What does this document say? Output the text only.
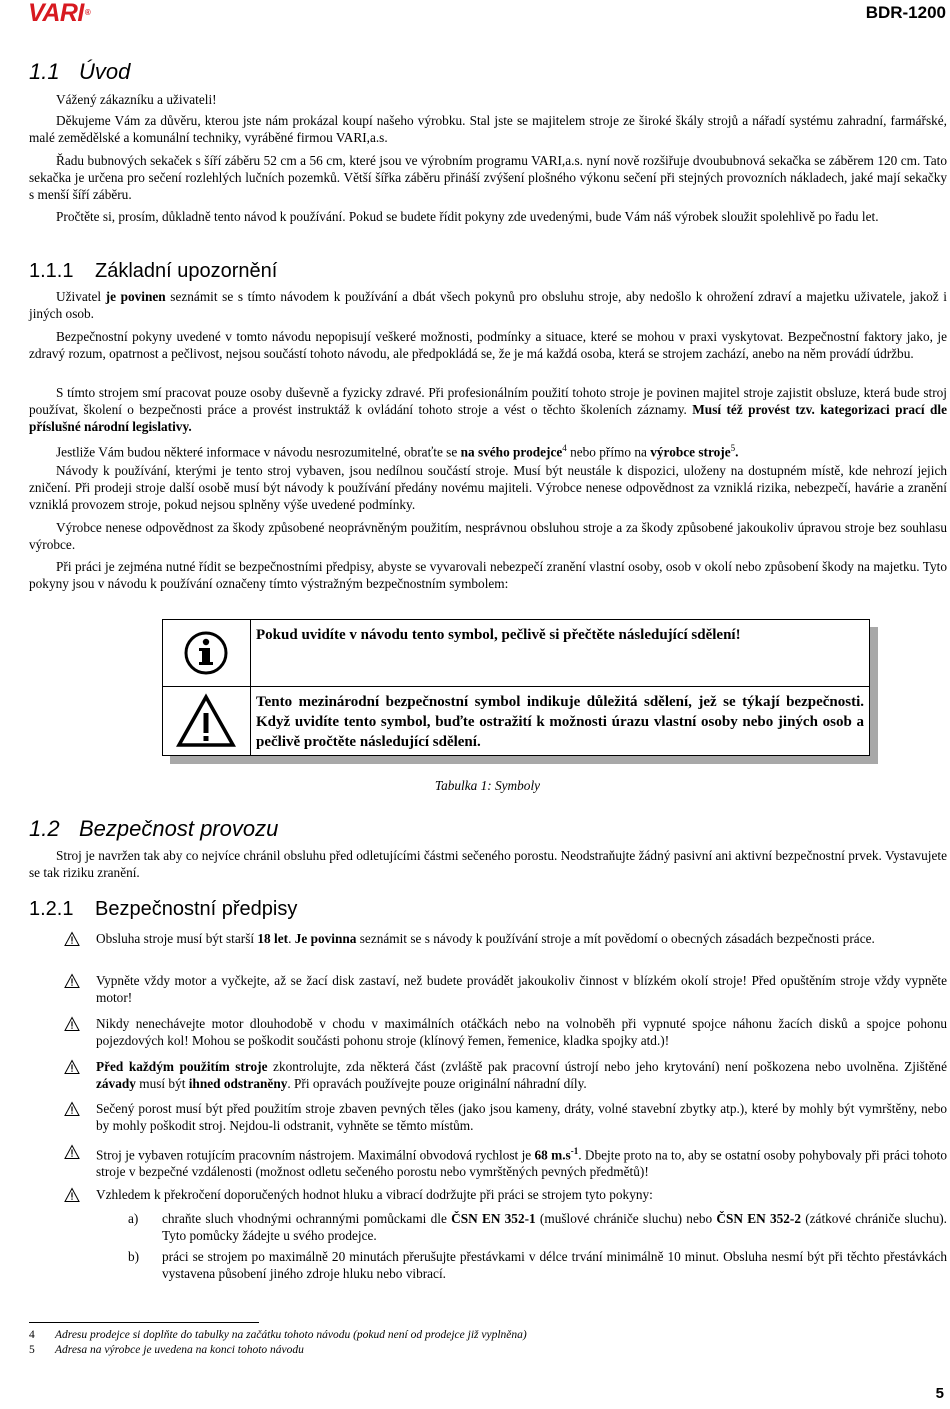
VARI®	BDR-1200
1.1 Úvod

Vážený zákazníku a uživateli!

Děkujeme Vám za důvěru, kterou jste nám prokázal koupí našeho výrobku. Stal jste se majitelem stroje ze široké škály strojů a nářadí systému zahradní, farmářské, malé zemědělské a komunální techniky, vyráběné firmou VARI,a.s.

Řadu bubnových sekaček s šíří záběru 52 cm a 56 cm, které jsou ve výrobním programu VARI,a.s. nyní nově rozšiřuje dvoububnová sekačka se záběrem 120 cm. Tato sekačka je určena pro sečení rozlehlých lučních pozemků. Větší šířka záběru přináší zvýšení plošného výkonu sečení při stejných provozních nákladech, jaké mají sekačky s menší šíří záběru.

Pročtěte si, prosím, důkladně tento návod k používání. Pokud se budete řídit pokyny zde uvedenými, bude Vám náš výrobek sloužit spolehlivě po řadu let.

1.1.1 Základní upozornění

Uživatel je povinen seznámit se s tímto návodem k používání a dbát všech pokynů pro obsluhu stroje, aby nedošlo k ohrožení zdraví a majetku uživatele, jakož i jiných osob.

Bezpečnostní pokyny uvedené v tomto návodu nepopisují veškeré možnosti, podmínky a situace, které se mohou v praxi vyskytovat. Bezpečnostní faktory jako, je zdravý rozum, opatrnost a pečlivost, nejsou součástí tohoto návodu, ale předpokládá se, že je má každá osoba, která se strojem zachází, anebo na něm provádí údržbu.

S tímto strojem smí pracovat pouze osoby duševně a fyzicky zdravé. Při profesionálním použití tohoto stroje je povinen majitel stroje zajistit obsluze, která bude stroj používat, školení o bezpečnosti práce a provést instruktáž k ovládání tohoto stroje a vést o těchto školeních záznamy. Musí též provést tzv. kategorizaci prací dle příslušné národní legislativy.

Jestliže Vám budou některé informace v návodu nesrozumitelné, obraťte se na svého prodejce$^4$ nebo přímo na výrobce stroje$^5$.

Návody k používání, kterými je tento stroj vybaven, jsou nedílnou součástí stroje. Musí být neustále k dispozici, uloženy na dostupném místě, kde nehrozí jejich zničení. Při prodeji stroje další osobě musí být návody k používání předány novému majiteli. Výrobce nenese odpovědnost za vzniklá rizika, nebezpečí, havárie a zranění vzniklá provozem stroje, pokud nejsou splněny výše uvedené podmínky.

Výrobce nenese odpovědnost za škody způsobené neoprávněným použitím, nesprávnou obsluhou stroje a za škody způsobené jakoukoliv úpravou stroje bez souhlasu výrobce.

Při práci je zejména nutné řídit se bezpečnostními předpisy, abyste se vyvarovali nebezpečí zranění vlastní osoby, osob v okolí nebo způsobení škody na majetku. Tyto pokyny jsou v návodu k používání označeny tímto výstražným bezpečnostním symbolem:

Pokud uvidíte v návodu tento symbol, pečlivě si přečtěte následující sdělení!
Tento mezinárodní bezpečnostní symbol indikuje důležitá sdělení, jež se týkají bezpečnosti. Když uvidíte tento symbol, buďte ostražití k možnosti úrazu vlastní osoby nebo jiných osob a pečlivě pročtěte následující sdělení.
Tabulka 1: Symboly
1.2 Bezpečnost provozu

Stroj je navržen tak aby co nejvíce chránil obsluhu před odletujícími částmi sečeného porostu. Neodstraňujte žádný pasivní ani aktivní bezpečnostní prvek. Vystavujete se tak riziku zranění.

1.2.1 Bezpečnostní předpisy

Obsluha stroje musí být starší 18 let. Je povinna seznámit se s návody k používání stroje a mít povědomí o obecných zásadách bezpečnosti práce.

Vypněte vždy motor a vyčkejte, až se žací disk zastaví, než budete provádět jakoukoliv činnost v blízkém okolí stroje! Před opuštěním stroje vždy vypněte motor!

Nikdy nenechávejte motor dlouhodobě v chodu v maximálních otáčkách nebo na volnoběh při vypnuté spojce náhonu žacích disků a spojce pohonu pojezdových kol! Mohou se poškodit součásti pohonu stroje (klínový řemen, řemenice, kladka spojky atd.)!

Před každým použitím stroje zkontrolujte, zda některá část (zvláště pak pracovní ústrojí nebo jeho krytování) není poškozena nebo uvolněna. Zjištěné závady musí být ihned odstraněny. Při opravách používejte pouze originální náhradní díly.

Sečený porost musí být před použitím stroje zbaven pevných těles (jako jsou kameny, dráty, volné stavební zbytky atp.), které by mohly být vymrštěny, nebo by mohly poškodit stroj. Nejdou-li odstranit, vyhněte se těmto místům.

Stroj je vybaven rotujícím pracovním nástrojem. Maximální obvodová rychlost je 68 $m.s^{-1}$. Dbejte proto na to, aby se ostatní osoby pohybovaly při práci tohoto stroje v bezpečné vzdálenosti (možnost odletu sečeného porostu nebo vymrštěných pevných předmětů)!

Vzhledem k překročení doporučených hodnot hluku a vibrací dodržujte při práci se strojem tyto pokyny:

a) chraňte sluch vhodnými ochrannými pomůckami dle ČSN EN 352-1 (mušlové chrániče sluchu) nebo ČSN EN 352-2 (zátkové chrániče sluchu). Tyto pomůcky žádejte u svého prodejce.

b) práci se strojem po maximálně 20 minutách přerušujte přestávkami v délce trvání minimálně 10 minut. Obsluha nesmí být při těchto přestávkách vystavena působení jiného zdroje hluku nebo vibrací.

4 Adresu prodejce si doplňte do tabulky na začátku tohoto návodu (pokud není od prodejce již vyplněna)
5 Adresa na výrobce je uvedena na konci tohoto návodu
5
